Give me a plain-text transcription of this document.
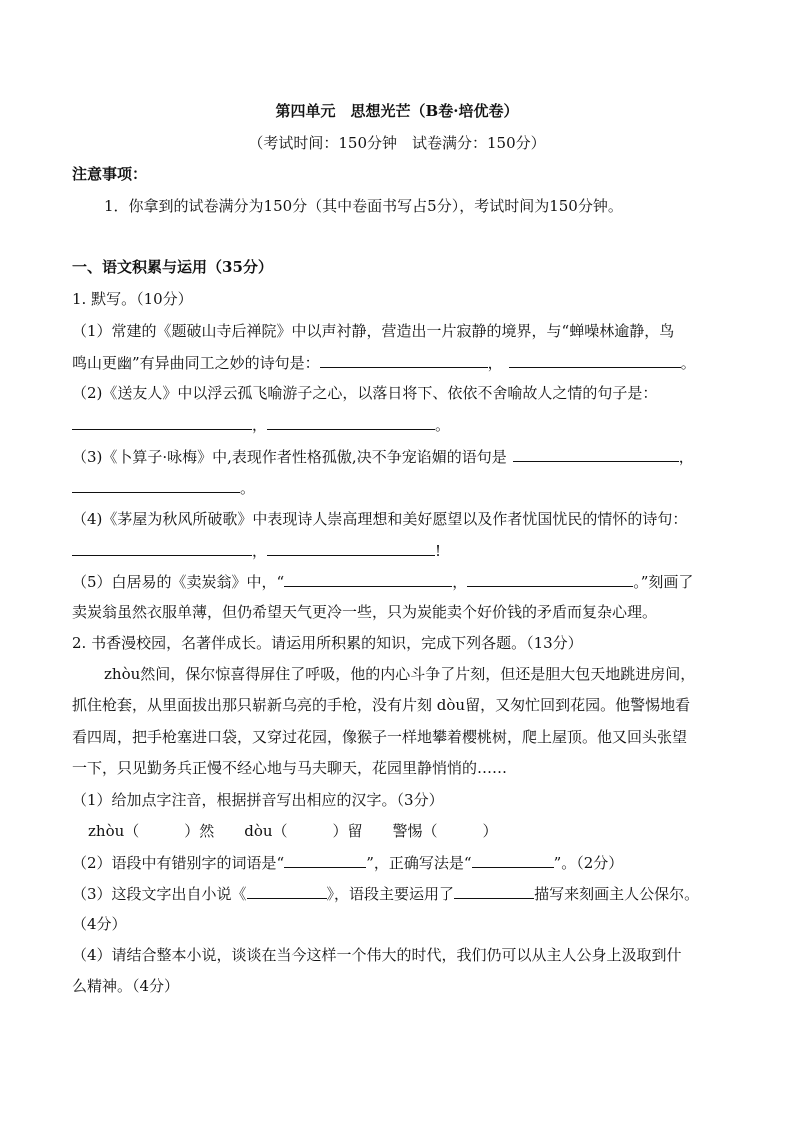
第四单元　思想光芒（B卷·培优卷）
（考试时间：150分钟　试卷满分：150分）
注意事项：
1．你拿到的试卷满分为150分（其中卷面书写占5分），考试时间为150分钟。
一、语文积累与运用（35分）
1. 默写。（10分）
（1）常建的《题破山寺后禅院》中以声衬静，营造出一片寂静的境界，与“蝉噪林逾静，鸟
鸣山更幽”有异曲同工之妙的诗句是：	，	。
（2)《送友人》中以浮云孤飞喻游子之心，以落日将下、依依不舍喻故人之情的句子是：
，	。
（3)《卜算子·咏梅》中,表现作者性格孤傲,决不争宠谄媚的语句是	，
。
（4)《茅屋为秋风所破歌》中表现诗人崇高理想和美好愿望以及作者忧国忧民的情怀的诗句：
，	!
（5）白居易的《卖炭翁》中，“	，	。”刻画了
卖炭翁虽然衣服单薄，但仍希望天气更冷一些，只为炭能卖个好价钱的矛盾而复杂心理。
2. 书香漫校园，名著伴成长。请运用所积累的知识，完成下列各题。（13分）
zhòu然间，保尔惊喜得屏住了呼吸，他的内心斗争了片刻，但还是胆大包天地跳进房间，
抓住枪套，从里面拔出那只崭新乌亮的手枪，没有片刻 dòu留，又匆忙回到花园。他警惕地看
看四周，把手枪塞进口袋，又穿过花园，像猴子一样地攀着樱桃树，爬上屋顶。他又回头张望
一下，只见勤务兵正慢不经心地与马夫聊天，花园里静悄悄的……
（1）给加点字注音，根据拼音写出相应的汉字。（3分）
zhòu（　　　）然　　dòu（　　　）留　　警惕（　　　）
（2）语段中有错别字的词语是“	”，正确写法是“	”。（2分）
（3）这段文字出自小说《	》，语段主要运用了	描写来刻画主人公保尔。
（4分）
（4）请结合整本小说，谈谈在当今这样一个伟大的时代，我们仍可以从主人公身上汲取到什
么精神。（4分）
